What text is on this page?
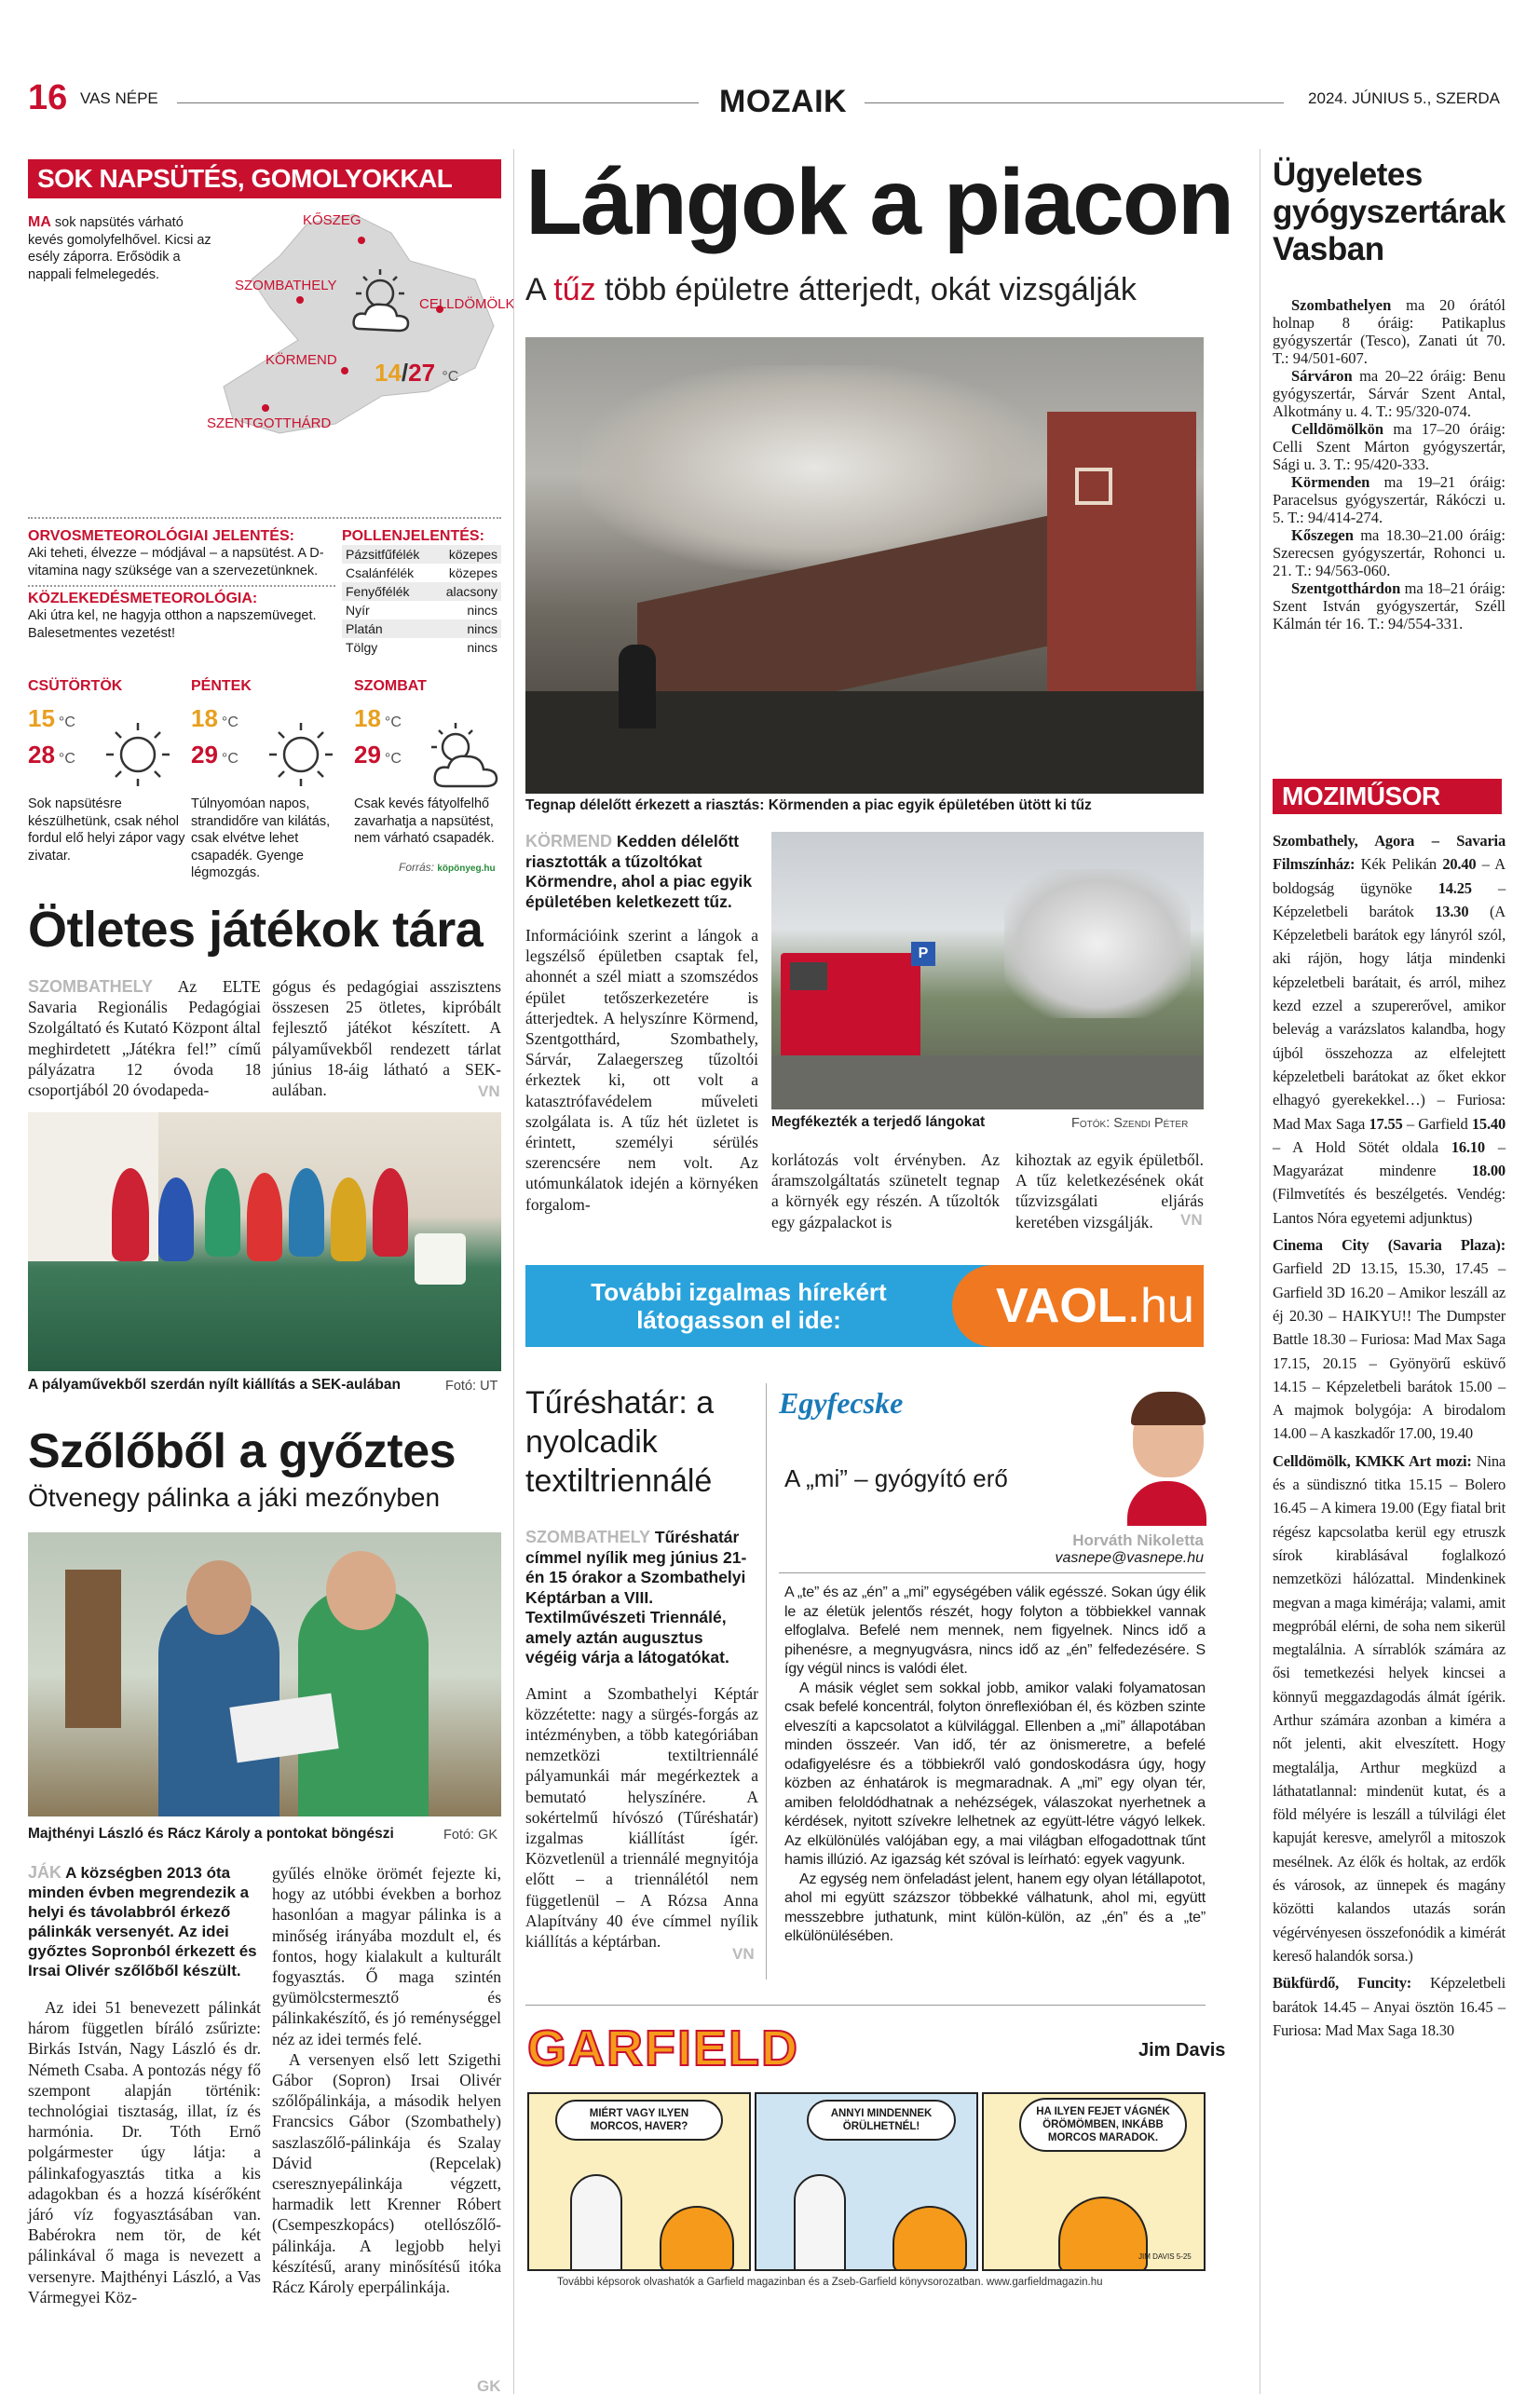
16 VAS NÉPE	MOZAIK	2024. JÚNIUS 5., SZERDA
SOK NAPSÜTÉS, GOMOLYOKKAL
MA sok napsütés várható kevés gomolyfelhővel. Kicsi az esély záporra. Erősödik a nappali felmelegedés.
KŐSZEG
SZOMBATHELY
CELLDÖMÖLK
KÖRMEND
SZENTGOTTHÁRD
14/27 °C
ORVOSMETEOROLÓGIAI JELENTÉS:
Aki teheti, élvezze – módjával – a napsütést. A D-vitamina nagy szüksége van a szervezetünknek.
KÖZLEKEDÉSMETEOROLÓGIA:
Aki útra kel, ne hagyja otthon a napszemüveget. Balesetmentes vezetést!
POLLENJELENTÉS:
Pázsitfűfélék közepes
Csalánfélék	közepes
Fenyőfélék	alacsony
Nyír	nincs
Platán	nincs
Tölgy	nincs
CSÜTÖRTÖK
15 °C
28 °C
Sok napsütésre készülhetünk, csak néhol fordul elő helyi zápor vagy zivatar.
PÉNTEK
18 °C
29 °C
Túlnyomóan napos, strandidőre van kilátás, csak elvétve lehet csapadék. Gyenge légmozgás.
SZOMBAT
18 °C
29 °C
Csak kevés fátyolfelhő zavarhatja a napsütést, nem várható csapadék.
Forrás: köpönyeg.hu
Ötletes játékok tára
SZOMBATHELY Az ELTE Savaria Regionális Pedagógiai Szolgáltató és Kutató Központ által meghirdetett „Játékra fel!” című pályázatra 12 óvoda 18 csoportjából 20 óvodapeda-
gógus és pedagógiai asszisztens összesen 25 ötletes, kipróbált fejlesztő játékot készített. A pályaművekből rendezett tárlat június 18-áig látható a SEK-aulában.	VN
A pályaművekből szerdán nyílt kiállítás a SEK-aulában	Fotó: UT
Szőlőből a győztes
Ötvenegy pálinka a jáki mezőnyben
Majthényi László és Rácz Károly a pontokat böngészi	Fotó: GK
JÁK A községben 2013 óta minden évben megrendezik a helyi és távolabbról érkező pálinkák versenyét. Az idei győztes Sopronból érkezett és Irsai Olivér szőlőből készült.

Az idei 51 benevezett pálinkát három független bíráló zsűrizte: Birkás István, Nagy László és dr. Németh Csaba. A pontozás négy fő szempont alapján történik: technológiai tisztaság, illat, íz és harmónia. Dr. Tóth Ernő polgármester úgy látja: a pálinkafogyasztás titka a kis adagokban és a hozzá kísérőként járó víz fogyasztásában van. Babérokra nem tör, de két pálinkával ő maga is nevezett a versenyre. Majthényi László, a Vas Vármegyei Köz-

gyűlés elnöke örömét fejezte ki, hogy az utóbbi években a borhoz hasonlóan a magyar pálinka is a minőség irányába mozdult el, és fontos, hogy kialakult a kulturált fogyasztás. Ő maga szintén gyümölcstermesztő és pálinkakészítő, és jó reménységgel néz az idei termés felé.

A versenyen első lett Szigethi Gábor (Sopron) Irsai Olivér szőlőpálinkája, a második helyen Francsics Gábor (Szombathely) saszlaszőlő-pálinkája és Szalay Dávid (Repcelak) cseresznyepálinkája végzett, harmadik lett Krenner Róbert (Csempeszkopács) otellószőlő-pálinkája. A legjobb helyi készítésű, arany minősítésű itóka Rácz Károly eperpálinkája.

GK
Lángok a piacon
A tűz több épületre átterjedt, okát vizsgálják
Tegnap délelőtt érkezett a riasztás: Körmenden a piac egyik épületében ütött ki tűz
KÖRMEND Kedden délelőtt riasztották a tűzoltókat Körmendre, ahol a piac egyik épületében keletkezett tűz.

Információink szerint a lángok a legszélső épületben csaptak fel, ahonnét a szél miatt a szomszédos épület tetőszerkezetére is átterjedtek. A helyszínre Körmend, Szentgotthárd, Szombathely, Sárvár, Zalaegerszeg tűzoltói érkeztek ki, ott volt a katasztrófavédelem műveleti szolgálata is. A tűz hét üzletet is érintett, személyi sérülés szerencsére nem volt. Az utómunkálatok idején a környéken forgalom-

P
Megfékezték a terjedő lángokat	Fotók: Szendi Péter

korlátozás volt érvényben. Az áramszolgáltatás szünetelt tegnap a környék egy részén. A tűzoltók egy gázpalackot is

kihoztak az egyik épületből. A tűz keletkezésének okát tűzvizsgálati eljárás keretében vizsgálják.	VN
További izgalmas hírekért
látogasson el ide:	VAOL.hu
Tűréshatár: a nyolcadik textiltriennálé
SZOMBATHELY Tűréshatár címmel nyílik meg június 21-én 15 órakor a Szombathelyi Képtárban a VIII. Textilművészeti Triennálé, amely aztán augusztus végéig várja a látogatókat.

Amint a Szombathelyi Képtár közzétette: nagy a sürgés-forgás az intézményben, a több kategóriában nemzetközi textiltriennálé pályamunkái már megérkeztek a bemutató helyszínére. A sokértelmű hívószó (Tűréshatár) izgalmas kiállítást ígér. Közvetlenül a triennálé megnyitója előtt – a triennálétól nem függetlenül – A Rózsa Anna Alapítvány 40 éve címmel nyílik kiállítás a képtárban.

VN
Egyfecske
A „mi” – gyógyító erő
Horváth Nikoletta
vasnepe@vasnepe.hu

A „te” és az „én” a „mi” egységében válik egésszé. Sokan úgy élik le az életük jelentős részét, hogy folyton a többiekkel vannak elfoglalva. Befelé nem mennek, nem figyelnek. Nincs idő a pihenésre, a megnyugvásra, nincs idő az „én” felfedezésére. S így végül nincs is valódi élet.

A másik véglet sem sokkal jobb, amikor valaki folyamatosan csak befelé koncentrál, folyton önreflexióban él, és közben szinte elveszíti a kapcsolatot a külvilággal. Ellenben a „mi” állapotában minden összeér. Van idő, tér az önismeretre, a befelé odafigyelésre és a többiekről való gondoskodásra úgy, hogy közben az énhatárok is megmaradnak. A „mi” egy olyan tér, amiben feloldódhatnak a nehézségek, válaszokat nyerhetnek a kérdések, nyitott szívekre lelhetnek az együtt-létre vágyó lelkek. Az elkülönülés valójában egy, a mai világban elfogadottnak tűnt hamis illúzió. Az igazság két szóval is leírható: egyek vagyunk.

Az egység nem önfeladást jelent, hanem egy olyan létállapotot, ahol mi együtt százszor többekké válhatunk, ahol mi, együtt messzebbre juthatunk, mint külön-külön, az „én” és a „te” elkülönülésében.

GARFIELD	Jim Davis
MIÉRT VAGY ILYEN MORCOS, HAVER?
ANNYI MINDENNEK ÖRÜLHETNÉL!
HA ILYEN FEJET VÁGNÉK ÖRÖMÖMBEN, INKÁBB MORCOS MARADOK.
JIM DAVIS 5-25
További képsorok olvashatók a Garfield magazinban és a Zseb-Garfield könyvsorozatban. www.garfieldmagazin.hu
Ügyeletes gyógyszertárak Vasban

Szombathelyen ma 20 órától holnap 8 óráig: Patikaplus gyógyszertár (Tesco), Zanati út 70. T.: 94/501-607.

Sárváron ma 20–22 óráig: Benu gyógyszertár, Sárvár Szent Antal, Alkotmány u. 4. T.: 95/320-074.

Celldömölkön ma 17–20 óráig: Celli Szent Márton gyógyszertár, Sági u. 3. T.: 95/420-333.

Körmenden ma 19–21 óráig: Paracelsus gyógyszertár, Rákóczi u. 5. T.: 94/414-274.

Kőszegen ma 18.30–21.00 óráig: Szerecsen gyógyszertár, Rohonci u. 21. T.: 94/563-060.

Szentgotthárdon ma 18–21 óráig: Szent István gyógyszertár, Széll Kálmán tér 16. T.: 94/554-331.

MOZIMŰSOR

Szombathely, Agora – Savaria Filmszínház: Kék Pelikán 20.40 – A boldogság ügynöke 14.25 – Képzeletbeli barátok 13.30 (A Képzeletbeli barátok egy lányról szól, aki rájön, hogy látja mindenki képzeletbeli barátait, és arról, mihez kezd ezzel a szupererővel, amikor belevág a varázslatos kalandba, hogy újból összehozza az elfelejtett képzeletbeli barátokat az őket ekkor elhagyó gyerekekkel…) – Furiosa: Mad Max Saga 17.55 – Garfield 15.40 – A Hold Sötét oldala 16.10 – Magyarázat mindenre 18.00 (Filmvetítés és beszélgetés. Vendég: Lantos Nóra egyetemi adjunktus)

Cinema City (Savaria Plaza): Garfield 2D 13.15, 15.30, 17.45 – Garfield 3D 16.20 – Amikor leszáll az éj 20.30 – HAIKYU!! The Dumpster Battle 18.30 – Furiosa: Mad Max Saga 17.15, 20.15 – Gyönyörű esküvő 14.15 – Képzeletbeli barátok 15.00 – A majmok bolygója: A birodalom 14.00 – A kaszkadőr 17.00, 19.40

Celldömölk, KMKK Art mozi: Nina és a sündisznó titka 15.15 – Bolero 16.45 – A kimera 19.00 (Egy fiatal brit régész kapcsolatba kerül egy etruszk sírok kirablásával foglalkozó nemzetközi hálózattal. Mindenkinek megvan a maga kimérája; valami, amit megpróbál elérni, de soha nem sikerül megtalálnia. A sírrablók számára az ősi temetkezési helyek kincsei a könnyű meggazdagodás álmát ígérik. Arthur számára azonban a kiméra a nőt jelenti, akit elveszített. Hogy megtalálja, Arthur megküzd a láthatatlannal: mindenüt kutat, és a föld mélyére is leszáll a túlvilági élet kapuját keresve, amelyről a mitoszok mesélnek. Az élők és holtak, az erdők és városok, az ünnepek és magány közötti kalandos utazás során végérvényesen összefonódik a kimérát kereső halandók sorsa.)

Bükfürdő, Funcity: Képzeletbeli barátok 14.45 – Anyai ösztön 16.45 – Furiosa: Mad Max Saga 18.30
